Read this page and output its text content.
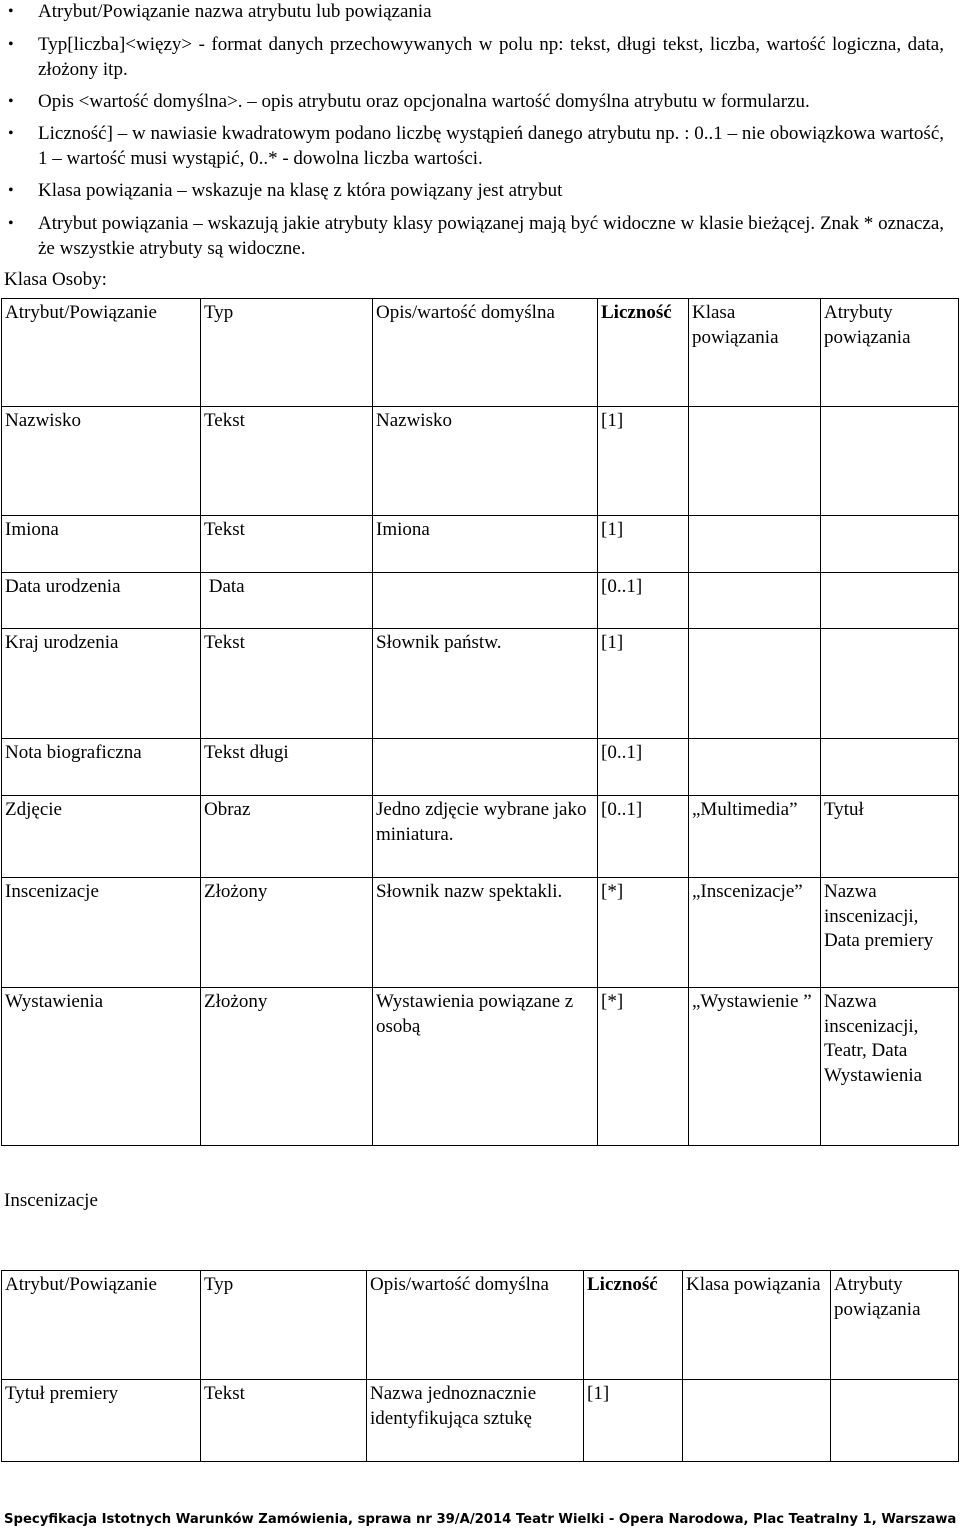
• Atrybut/Powiązanie nazwa atrybutu lub powiązania
• Typ[liczba]<więzy> - format danych przechowywanych w polu np: tekst, długi tekst, liczba, wartość logiczna, data, złożony itp.
• Opis <wartość domyślna>. – opis atrybutu oraz opcjonalna wartość domyślna atrybutu w formularzu.
• Liczność] – w nawiasie kwadratowym podano liczbę wystąpień danego atrybutu np. : 0..1 – nie obowiązkowa wartość, 1 – wartość musi wystąpić, 0..* - dowolna liczba wartości.
• Klasa powiązania – wskazuje na klasę z która powiązany jest atrybut
• Atrybut powiązania – wskazują jakie atrybuty klasy powiązanej mają być widoczne w klasie bieżącej. Znak * oznacza, że wszystkie atrybuty są widoczne.
Klasa Osoby:
Atrybut/Powiązanie	Typ	Opis/wartość domyślna	Liczność	Klasa powiązania	Atrybuty powiązania
Nazwisko	Tekst	Nazwisko	[1]		
Imiona	Tekst	Imiona	[1]		
Data urodzenia	Data		[0..1]		
Kraj urodzenia	Tekst	Słownik państw.	[1]		
Nota biograficzna	Tekst długi		[0..1]		
Zdjęcie	Obraz	Jedno zdjęcie wybrane jako miniatura.	[0..1]	„Multimedia”	Tytuł
Inscenizacje	Złożony	Słownik nazw spektakli.	[*]	„Inscenizacje”	Nazwa inscenizacji, Data premiery
Wystawienia	Złożony	Wystawienia powiązane z osobą	[*]	„Wystawienie ”	Nazwa inscenizacji, Teatr, Data Wystawienia
Inscenizacje
Atrybut/Powiązanie	Typ	Opis/wartość domyślna	Liczność	Klasa powiązania	Atrybuty powiązania
Tytuł premiery	Tekst	Nazwa jednoznacznie identyfikująca sztukę	[1]		
Specyfikacja Istotnych Warunków Zamówienia, sprawa nr 39/A/2014 Teatr Wielki - Opera Narodowa, Plac Teatralny 1, Warszawa
